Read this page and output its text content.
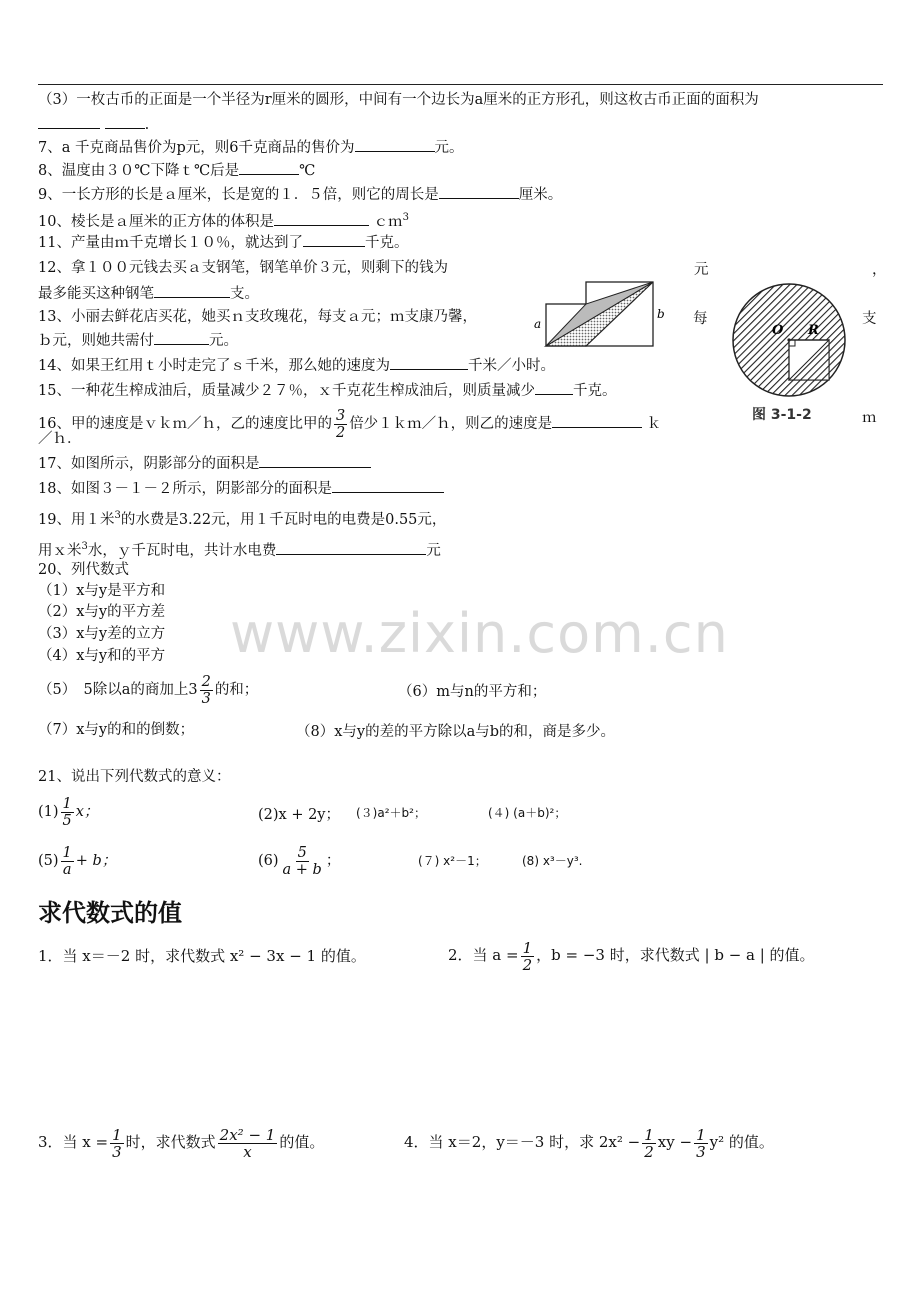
www.zixin.com.cn
（3）一枚古币的正面是一个半径为r厘米的圆形，中间有一个边长为a厘米的正方形孔，则这枚古币正面的面积为
.
7、a 千克商品售价为p元，则6千克商品的售价为	元。
8、温度由３０℃下降ｔ℃后是	℃
9、一长方形的长是ａ厘米，长是宽的１．５倍，则它的周长是	厘米。
10、棱长是ａ厘米的正方体的体积是	ｃｍ$^3$
11、产量由ｍ千克增长１０％，就达到了	千克。
12、拿１００元钱去买ａ支钢笔，钢笔单价３元，则剩下的钱为	元	，
最多能买这种钢笔	支。
13、小丽去鲜花店买花，她买ｎ支玫瑰花，每支ａ元；ｍ支康乃馨，	每	支
ｂ元，则她共需付	元。
14、如果王红用ｔ小时走完了ｓ千米，那么她的速度为	千米／小时。
15、一种花生榨成油后，质量减少２７％，ｘ千克花生榨成油后，则质量减少	千克。
16、甲的速度是ｖｋｍ／ｈ，乙的速度比甲的 $\frac{3}{2}$ 倍少１ｋｍ／ｈ，则乙的速度是	ｋ	ｍ
／ｈ．
17、如图所示，阴影部分的面积是
18、如图３－１－２所示，阴影部分的面积是
19、用１米$^3$的水费是3.22元，用１千瓦时电的电费是0.55元，
用ｘ米$^3$水，ｙ千瓦时电，共计水电费	元
20、列代数式
（1）x与y是平方和
（2）x与y的平方差
（3）x与y差的立方
（4）x与y和的平方
（5）　5除以a的商加上$3 \frac{2}{3}$ 的和；	（6）m与n的平方和；
（7）x与y的和的倒数；	（8）x与y的差的平方除以a与b的和，商是多少。
21、说出下列代数式的意义：
$(1) \frac{1}{5}$ x；	(2)x + 2y； (３)a²＋b²；	(４) (a＋b)²；
$(5) \frac{1}{a} + b$；	$(6) \frac{5}{a + b}$ ；	(７) x²－1；	(8) x³－y³.
求代数式的值
1．当 x＝－2 时，求代数式 x² − 3x − 1 的值。	2．当 $a = \frac{1}{2}$ ，b = −3 时，求代数式 | b − a | 的值。
3．当 $x = \frac{1}{3}$ 时，求代数式 $\frac{\text{2x² − 1}}{x}$ 的值。	4．当 x＝2，y＝－3 时，求 $2x^2 - \frac{1}{2}$ xy − $\frac{1}{3} y^2$ 的值。
a
b
O R
图 3-1-2
